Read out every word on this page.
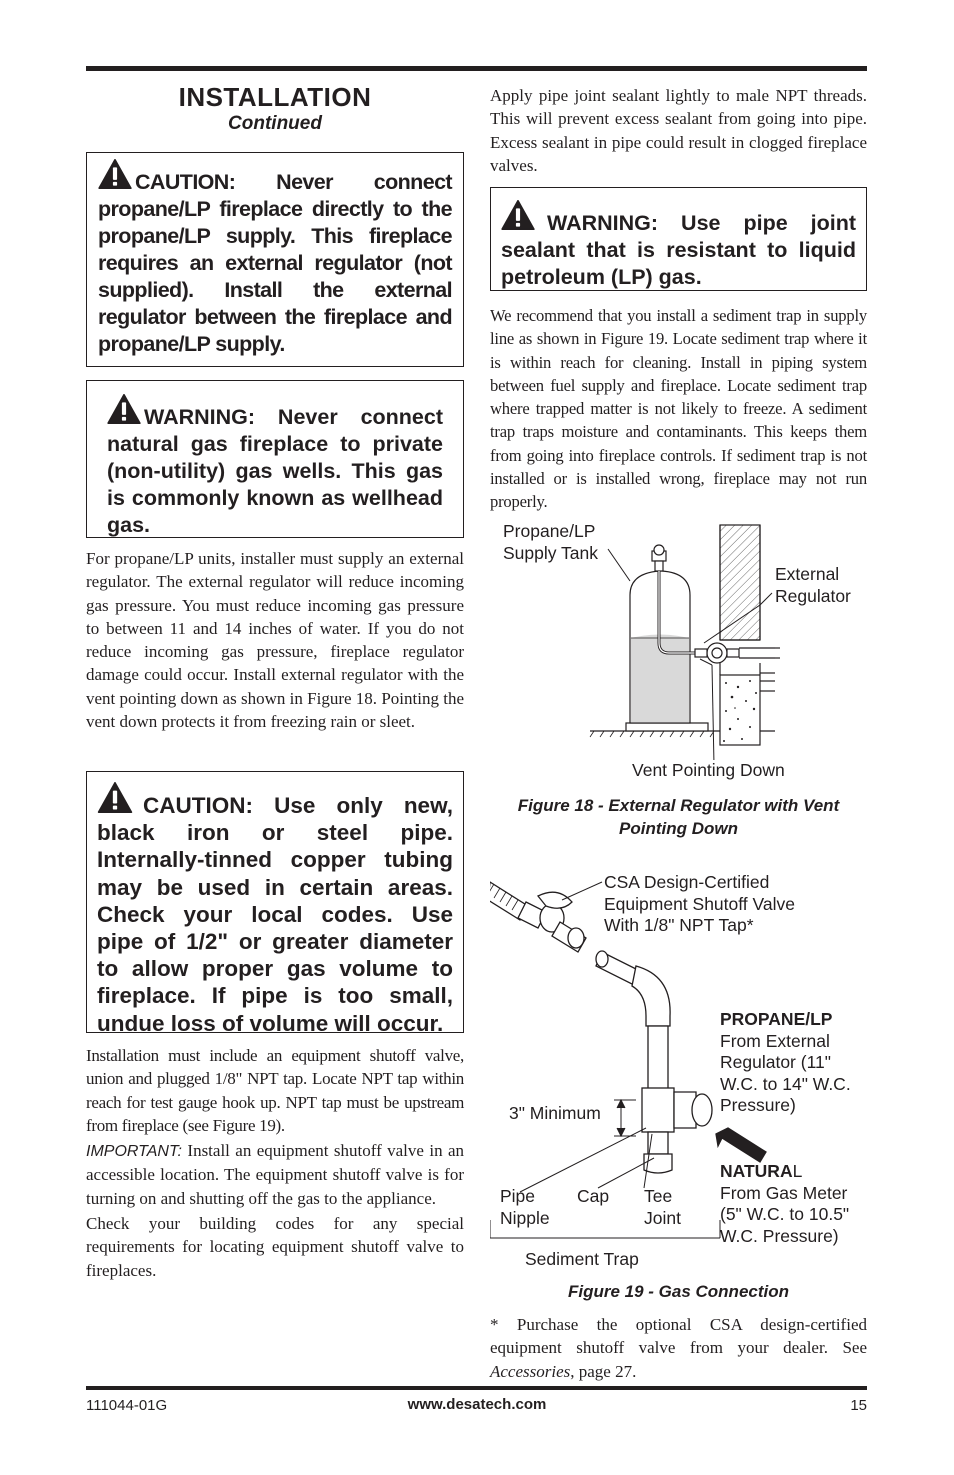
INSTALLATION
Continued

CAUTION: Never connect propane/LP fireplace directly to the propane/LP supply. This fireplace requires an external regulator (not supplied). Install the external regulator between the fireplace and propane/LP supply.

WARNING: Never connect natural gas fireplace to private (non-utility) gas wells. This gas is commonly known as wellhead gas.

For propane/LP units, installer must supply an external regulator. The external regulator will reduce incoming gas pressure. You must reduce incoming gas pressure to between 11 and 14 inches of water. If you do not reduce incoming gas pressure, fireplace regulator damage could occur. Install external regulator with the vent pointing down as shown in Figure 18. Pointing the vent down protects it from freezing rain or sleet.

CAUTION: Use only new, black iron or steel pipe. Internally-tinned copper tubing may be used in certain areas. Check your local codes. Use pipe of 1/2" or greater diameter to allow proper gas volume to fireplace. If pipe is too small, undue loss of volume will occur.

Installation must include an equipment shutoff valve, union and plugged 1/8" NPT tap. Locate NPT tap within reach for test gauge hook up. NPT tap must be upstream from fireplace (see Figure 19).

IMPORTANT: Install an equipment shutoff valve in an accessible location. The equipment shutoff valve is for turning on and shutting off the gas to the appliance.

Check your building codes for any special requirements for locating equipment shutoff valve to fireplaces.

Apply pipe joint sealant lightly to male NPT threads. This will prevent excess sealant from going into pipe. Excess sealant in pipe could result in clogged fireplace valves.

WARNING: Use pipe joint sealant that is resistant to liquid petroleum (LP) gas.

We recommend that you install a sediment trap in supply line as shown in Figure 19. Locate sediment trap where it is within reach for cleaning. Install in piping system between fuel supply and fireplace. Locate sediment trap where trapped matter is not likely to freeze. A sediment trap traps moisture and contaminants. This keeps them from going into fireplace controls. If sediment trap is not installed or is installed wrong, fireplace may not run properly.

Propane/LP
Supply Tank
External
Regulator
Vent Pointing Down
Figure 18 - External Regulator with Vent
Pointing Down
CSA Design-Certified
Equipment Shutoff Valve
With 1/8" NPT Tap*
PROPANE/LP
From External
Regulator (11"
W.C. to 14" W.C.
Pressure)
3" Minimum
NATURAL
From Gas Meter
(5" W.C. to 10.5"
W.C. Pressure)
Pipe
Nipple
Cap Tee
Joint
Sediment Trap
Figure 19 - Gas Connection

* Purchase the optional CSA design-certified equipment shutoff valve from your dealer. See Accessories, page 27.

111044-01G	www.desatech.com	15
